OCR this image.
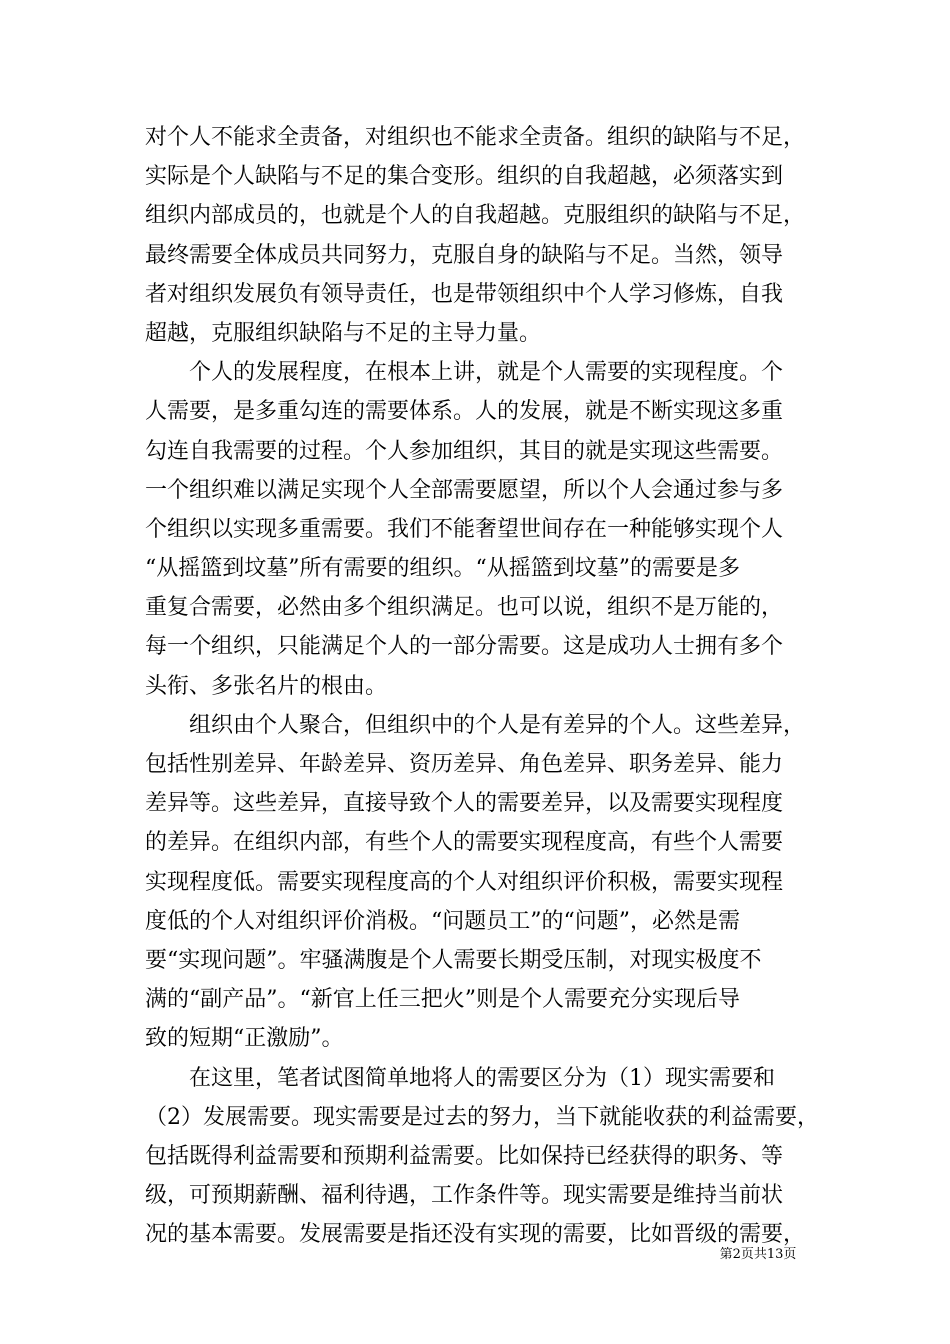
对个人不能求全责备，对组织也不能求全责备。组织的缺陷与不足，
实际是个人缺陷与不足的集合变形。组织的自我超越，必须落实到
组织内部成员的，也就是个人的自我超越。克服组织的缺陷与不足，
最终需要全体成员共同努力，克服自身的缺陷与不足。当然，领导
者对组织发展负有领导责任，也是带领组织中个人学习修炼，自我
超越，克服组织缺陷与不足的主导力量。
个人的发展程度，在根本上讲，就是个人需要的实现程度。个
人需要，是多重勾连的需要体系。人的发展，就是不断实现这多重
勾连自我需要的过程。个人参加组织，其目的就是实现这些需要。
一个组织难以满足实现个人全部需要愿望，所以个人会通过参与多
个组织以实现多重需要。我们不能奢望世间存在一种能够实现个人
“从摇篮到坟墓”所有需要的组织。“从摇篮到坟墓”的需要是多
重复合需要，必然由多个组织满足。也可以说，组织不是万能的，
每一个组织，只能满足个人的一部分需要。这是成功人士拥有多个
头衔、多张名片的根由。
组织由个人聚合，但组织中的个人是有差异的个人。这些差异，
包括性别差异、年龄差异、资历差异、角色差异、职务差异、能力
差异等。这些差异，直接导致个人的需要差异，以及需要实现程度
的差异。在组织内部，有些个人的需要实现程度高，有些个人需要
实现程度低。需要实现程度高的个人对组织评价积极，需要实现程
度低的个人对组织评价消极。“问题员工”的“问题”，必然是需
要“实现问题”。牢骚满腹是个人需要长期受压制，对现实极度不
满的“副产品”。“新官上任三把火”则是个人需要充分实现后导
致的短期“正激励”。
在这里，笔者试图简单地将人的需要区分为（1）现实需要和
（2）发展需要。现实需要是过去的努力，当下就能收获的利益需要，
包括既得利益需要和预期利益需要。比如保持已经获得的职务、等
级，可预期薪酬、福利待遇，工作条件等。现实需要是维持当前状
况的基本需要。发展需要是指还没有实现的需要，比如晋级的需要，
第2页共13页
